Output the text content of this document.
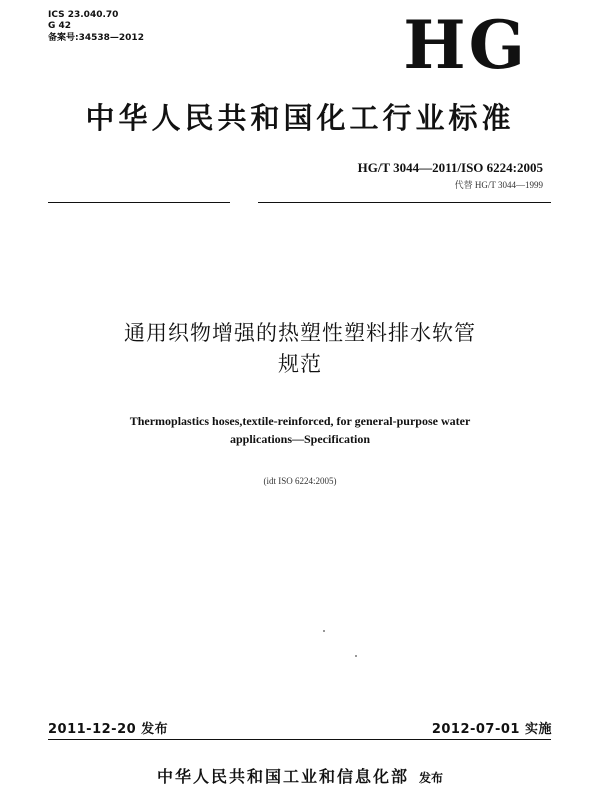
ICS 23.040.70
G 42
备案号:34538—2012	HG
中华人民共和国化工行业标准
HG/T 3044—2011/ISO 6224:2005
代替 HG/T 3044—1999
通用织物增强的热塑性塑料排水软管
规范
Thermoplastics hoses,textile-reinforced, for general-purpose water
applications—Specification
(idt ISO 6224:2005)
2011-12-20 发布	2012-07-01 实施
中华人民共和国工业和信息化部 发布
